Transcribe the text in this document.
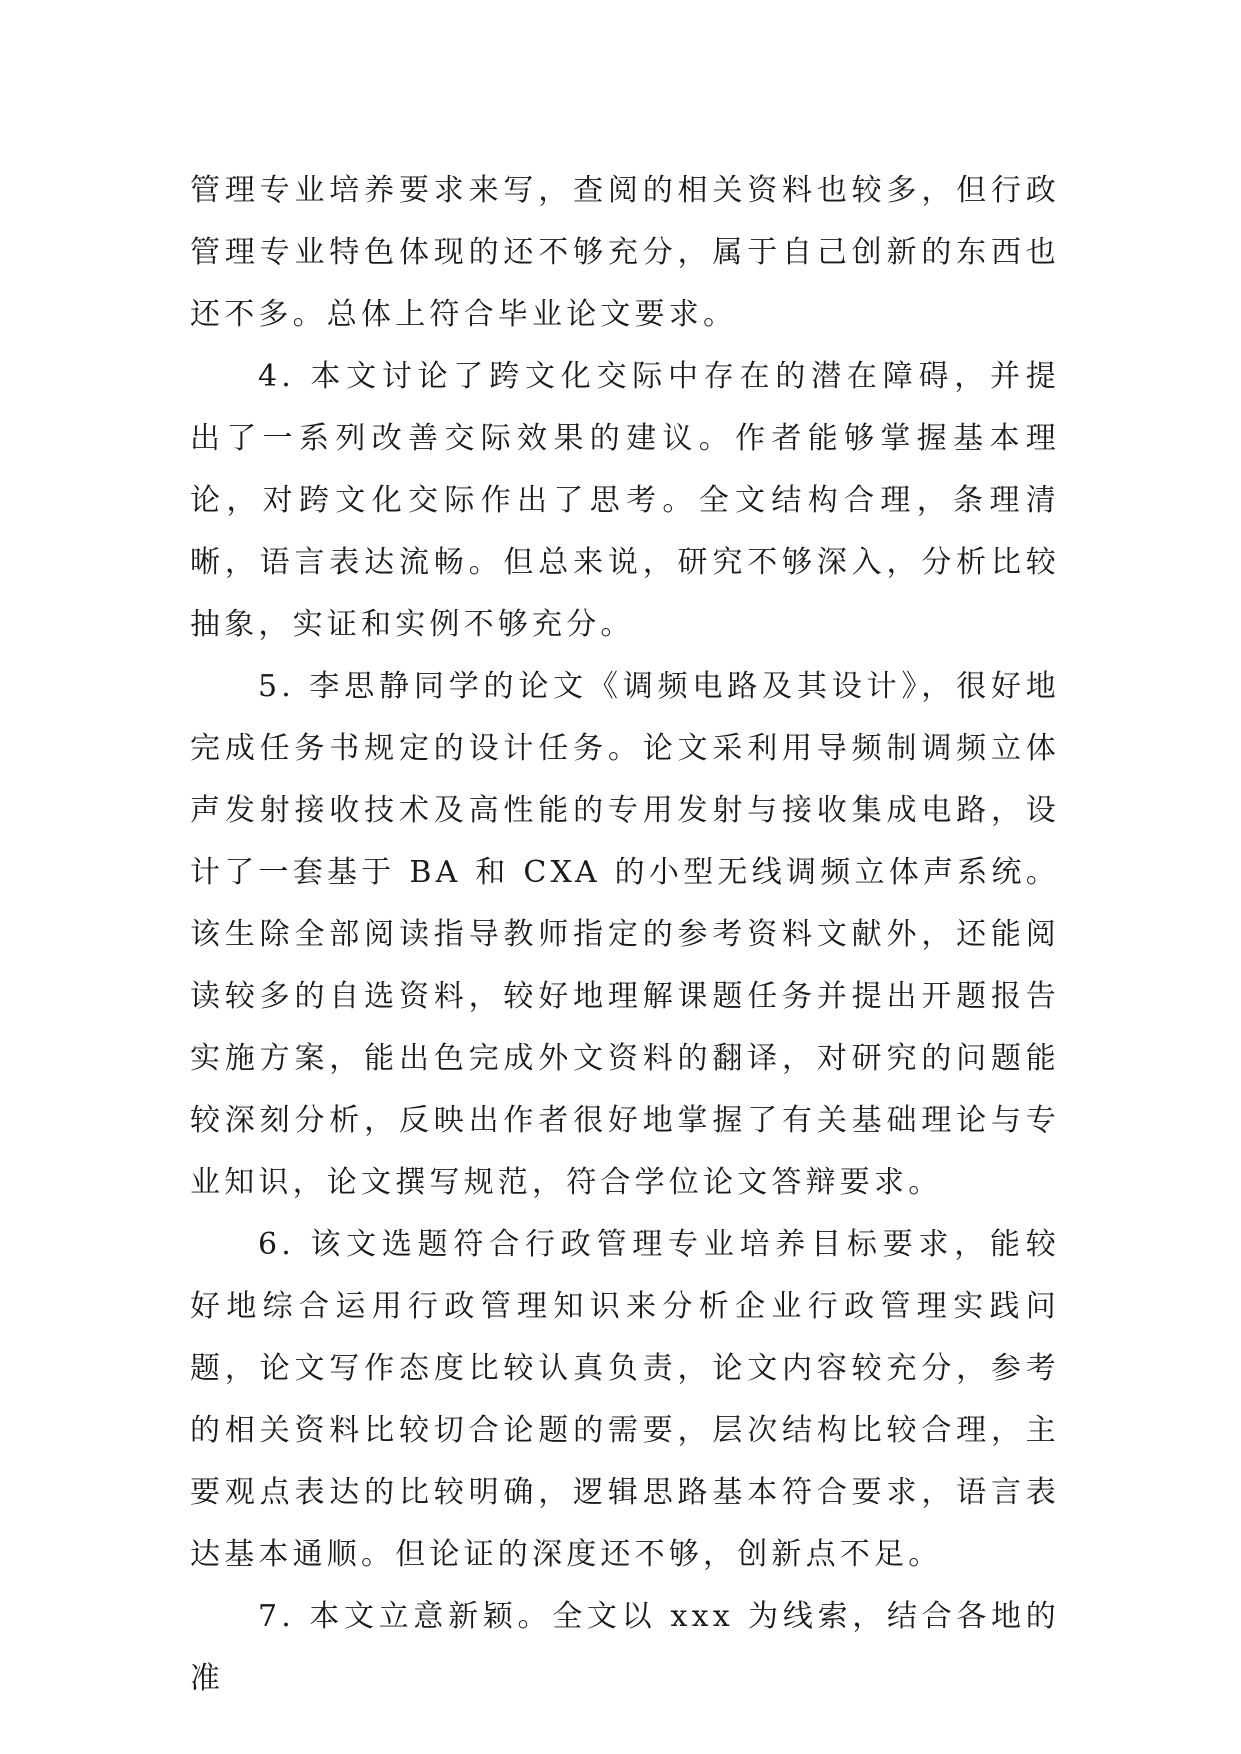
管理专业培养要求来写，查阅的相关资料也较多，但行政管理专业特色体现的还不够充分，属于自己创新的东西也还不多。总体上符合毕业论文要求。

4. 本文讨论了跨文化交际中存在的潜在障碍，并提出了一系列改善交际效果的建议。作者能够掌握基本理论，对跨文化交际作出了思考。全文结构合理，条理清晰，语言表达流畅。但总来说，研究不够深入，分析比较抽象，实证和实例不够充分。

5. 李思静同学的论文《调频电路及其设计》，很好地完成任务书规定的设计任务。论文采利用导频制调频立体声发射接收技术及高性能的专用发射与接收集成电路，设计了一套基于 BA 和 CXA 的小型无线调频立体声系统。该生除全部阅读指导教师指定的参考资料文献外，还能阅读较多的自选资料，较好地理解课题任务并提出开题报告实施方案，能出色完成外文资料的翻译，对研究的问题能较深刻分析，反映出作者很好地掌握了有关基础理论与专业知识，论文撰写规范，符合学位论文答辩要求。

6. 该文选题符合行政管理专业培养目标要求，能较好地综合运用行政管理知识来分析企业行政管理实践问题，论文写作态度比较认真负责，论文内容较充分，参考的相关资料比较切合论题的需要，层次结构比较合理，主要观点表达的比较明确，逻辑思路基本符合要求，语言表达基本通顺。但论证的深度还不够，创新点不足。

7. 本文立意新颖。全文以 xxx 为线索，结合各地的准
